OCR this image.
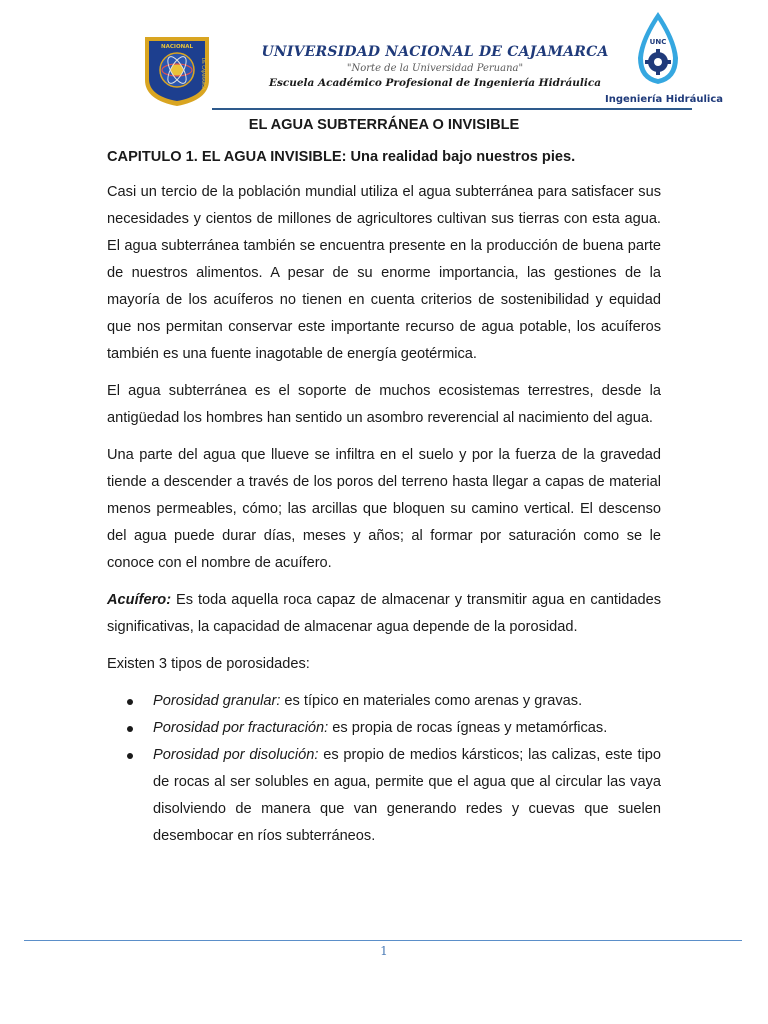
NACIONAL
DE CAJAMARCA
UNIVERSIDAD NACIONAL DE CAJAMARCA
"Norte de la Universidad Peruana"
Escuela Académico Profesional de Ingeniería Hidráulica
UNC
Ingeniería Hidráulica
EL AGUA SUBTERRÁNEA O INVISIBLE
CAPITULO 1. EL AGUA INVISIBLE: Una realidad bajo nuestros pies.

Casi un tercio de la población mundial utiliza el agua subterránea para satisfacer sus necesidades y cientos de millones de agricultores cultivan sus tierras con esta agua. El agua subterránea también se encuentra presente en la producción de buena parte de nuestros alimentos. A pesar de su enorme importancia, las gestiones de la mayoría de los acuíferos no tienen en cuenta criterios de sostenibilidad y equidad que nos permitan conservar este importante recurso de agua potable, los acuíferos también es una fuente inagotable de energía geotérmica.

El agua subterránea es el soporte de muchos ecosistemas terrestres, desde la antigüedad los hombres han sentido un asombro reverencial al nacimiento del agua.

Una parte del agua que llueve se infiltra en el suelo y por la fuerza de la gravedad tiende a descender a través de los poros del terreno hasta llegar a capas de material menos permeables, cómo; las arcillas que bloquen su camino vertical. El descenso del agua puede durar días, meses y años; al formar por saturación como se le conoce con el nombre de acuífero.

Acuífero: Es toda aquella roca capaz de almacenar y transmitir agua en cantidades significativas, la capacidad de almacenar agua depende de la porosidad.

Existen 3 tipos de porosidades:

Porosidad granular: es típico en materiales como arenas y gravas.
Porosidad por fracturación: es propia de rocas ígneas y metamórficas.
Porosidad por disolución: es propio de medios kársticos; las calizas, este tipo de rocas al ser solubles en agua, permite que el agua que al circular las vaya disolviendo de manera que van generando redes y cuevas que suelen desembocar en ríos subterráneos.
1
